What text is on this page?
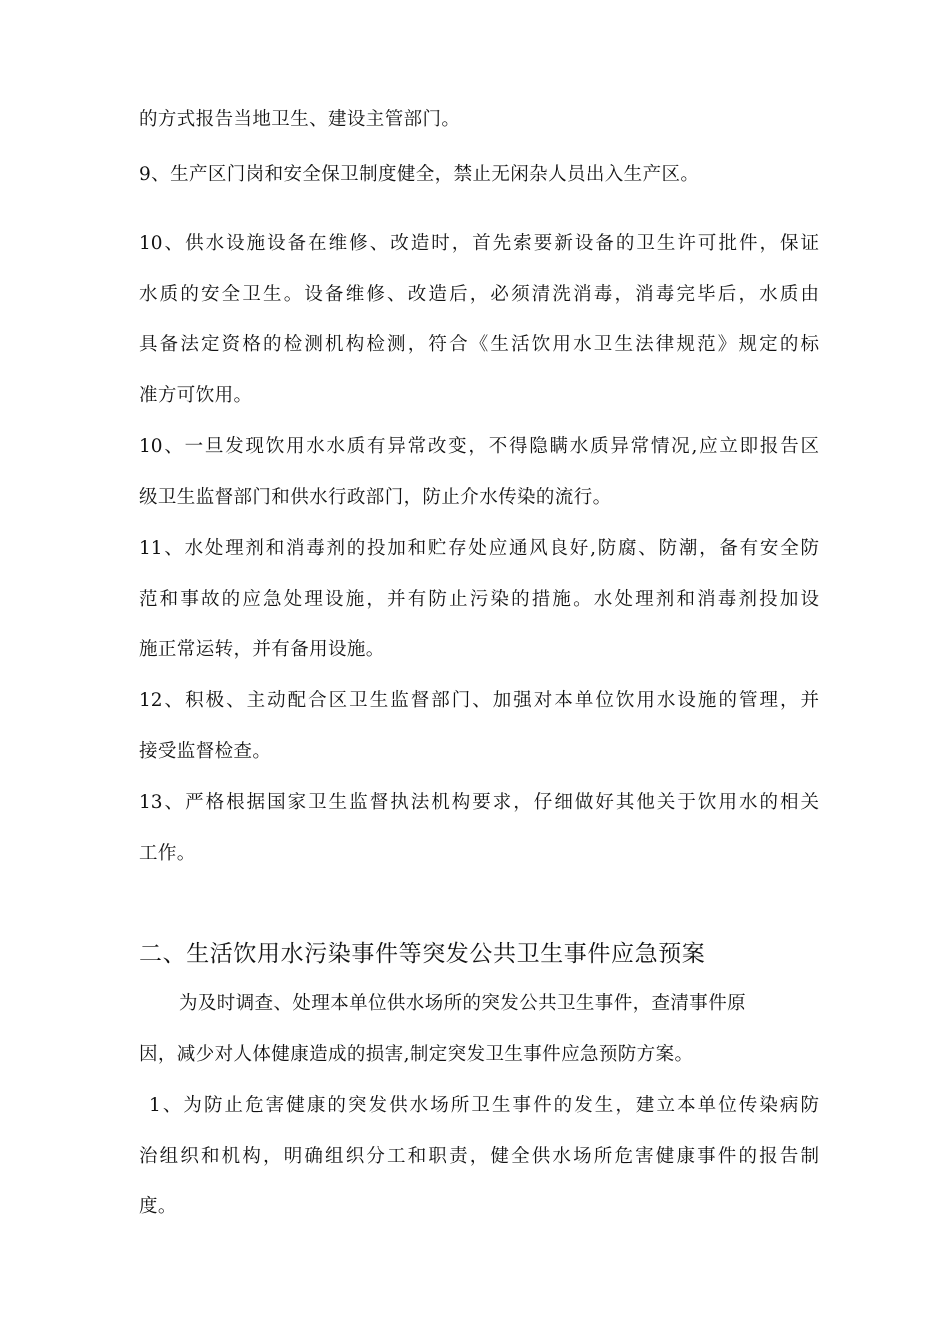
的方式报告当地卫生、建设主管部门。
9、生产区门岗和安全保卫制度健全，禁止无闲杂人员出入生产区。
10、供水设施设备在维修、改造时，首先索要新设备的卫生许可批件，保证
水质的安全卫生。设备维修、改造后，必须清洗消毒，消毒完毕后，水质由
具备法定资格的检测机构检测，符合《生活饮用水卫生法律规范》规定的标
准方可饮用。
10、一旦发现饮用水水质有异常改变，不得隐瞒水质异常情况,应立即报告区
级卫生监督部门和供水行政部门，防止介水传染的流行。
11、水处理剂和消毒剂的投加和贮存处应通风良好,防腐、防潮，备有安全防
范和事故的应急处理设施，并有防止污染的措施。水处理剂和消毒剂投加设
施正常运转，并有备用设施。
12、积极、主动配合区卫生监督部门、加强对本单位饮用水设施的管理，并
接受监督检查。
13、严格根据国家卫生监督执法机构要求，仔细做好其他关于饮用水的相关
工作。
二、生活饮用水污染事件等突发公共卫生事件应急预案
为及时调查、处理本单位供水场所的突发公共卫生事件，查清事件原
因，减少对人体健康造成的损害,制定突发卫生事件应急预防方案。
1、为防止危害健康的突发供水场所卫生事件的发生，建立本单位传染病防
治组织和机构，明确组织分工和职责，健全供水场所危害健康事件的报告制
度。
